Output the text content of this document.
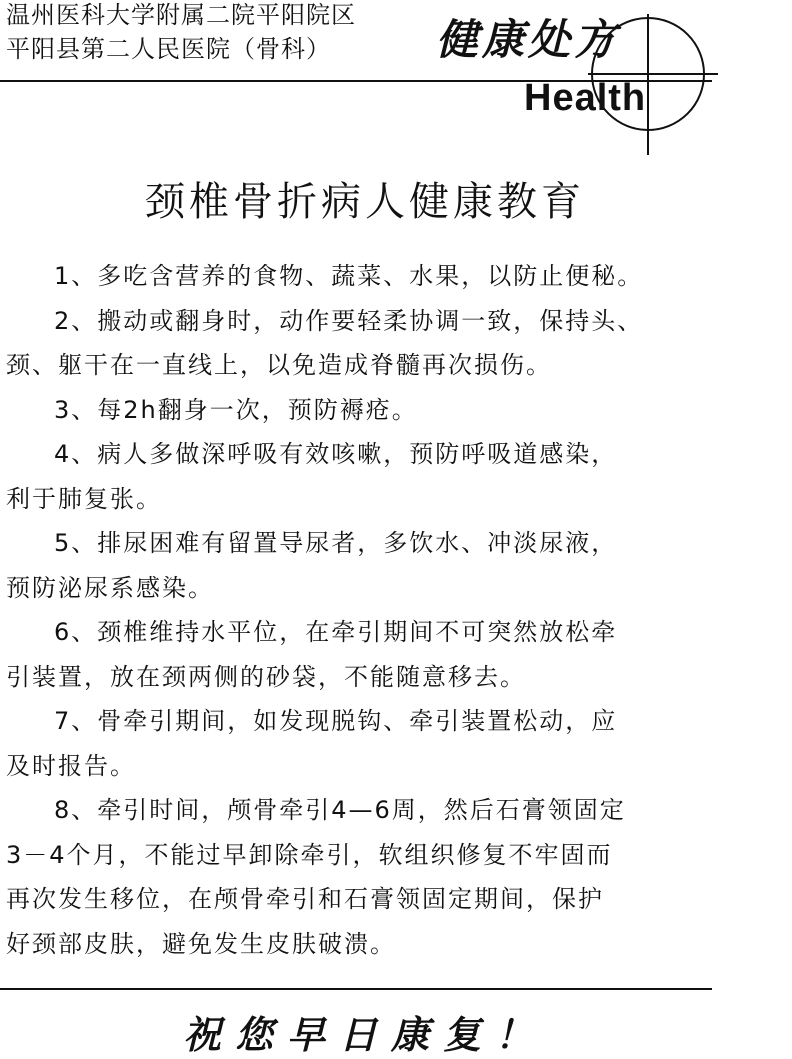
温州医科大学附属二院平阳院区
平阳县第二人民医院（骨科）	健康处方
Health
颈椎骨折病人健康教育

1、多吃含营养的食物、蔬菜、水果，以防止便秘。

2、搬动或翻身时，动作要轻柔协调一致，保持头、
颈、躯干在一直线上，以免造成脊髓再次损伤。

3、每2h翻身一次，预防褥疮。

4、病人多做深呼吸有效咳嗽，预防呼吸道感染，
利于肺复张。

5、排尿困难有留置导尿者，多饮水、冲淡尿液，
预防泌尿系感染。

6、颈椎维持水平位，在牵引期间不可突然放松牵
引装置，放在颈两侧的砂袋，不能随意移去。

7、骨牵引期间，如发现脱钩、牵引装置松动，应
及时报告。

8、牵引时间，颅骨牵引4—6周，然后石膏领固定
3－4个月，不能过早卸除牵引，软组织修复不牢固而
再次发生移位，在颅骨牵引和石膏领固定期间，保护
好颈部皮肤，避免发生皮肤破溃。

祝您早日康复！
